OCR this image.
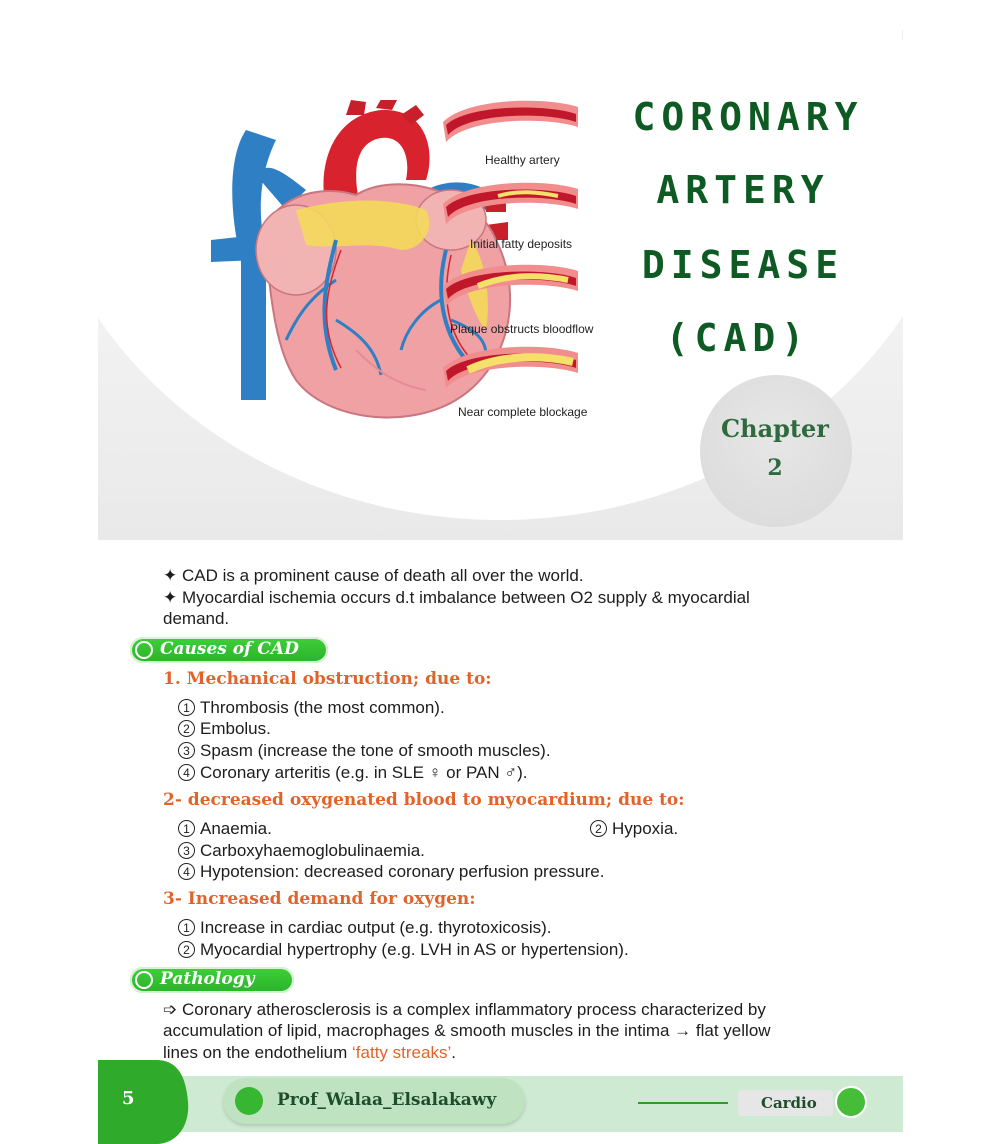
Healthy artery
Initial fatty deposits
Plaque obstructs bloodflow
Near complete blockage
CORONARY
ARTERY
DISEASE
(CAD)
Chapter
2
✦ CAD is a prominent cause of death all over the world.
✦ Myocardial ischemia occurs d.t imbalance between O2 supply & myocardial
demand.
Causes of CAD
1. Mechanical obstruction; due to:
1 Thrombosis (the most common).
2 Embolus.
3 Spasm (increase the tone of smooth muscles).
4 Coronary arteritis (e.g. in SLE ♀ or PAN ♂).
2- decreased oxygenated blood to myocardium; due to:
1 Anaemia.	2 Hypoxia.
3 Carboxyhaemoglobulinaemia.
4 Hypotension: decreased coronary perfusion pressure.
3- Increased demand for oxygen:
1 Increase in cardiac output (e.g. thyrotoxicosis).
2 Myocardial hypertrophy (e.g. LVH in AS or hypertension).
Pathology
➩ Coronary atherosclerosis is a complex inflammatory process characterized by
accumulation of lipid, macrophages & smooth muscles in the intima → flat yellow
lines on the endothelium ‘fatty streaks’.
5	Prof_Walaa_Elsalakawy	Cardio
